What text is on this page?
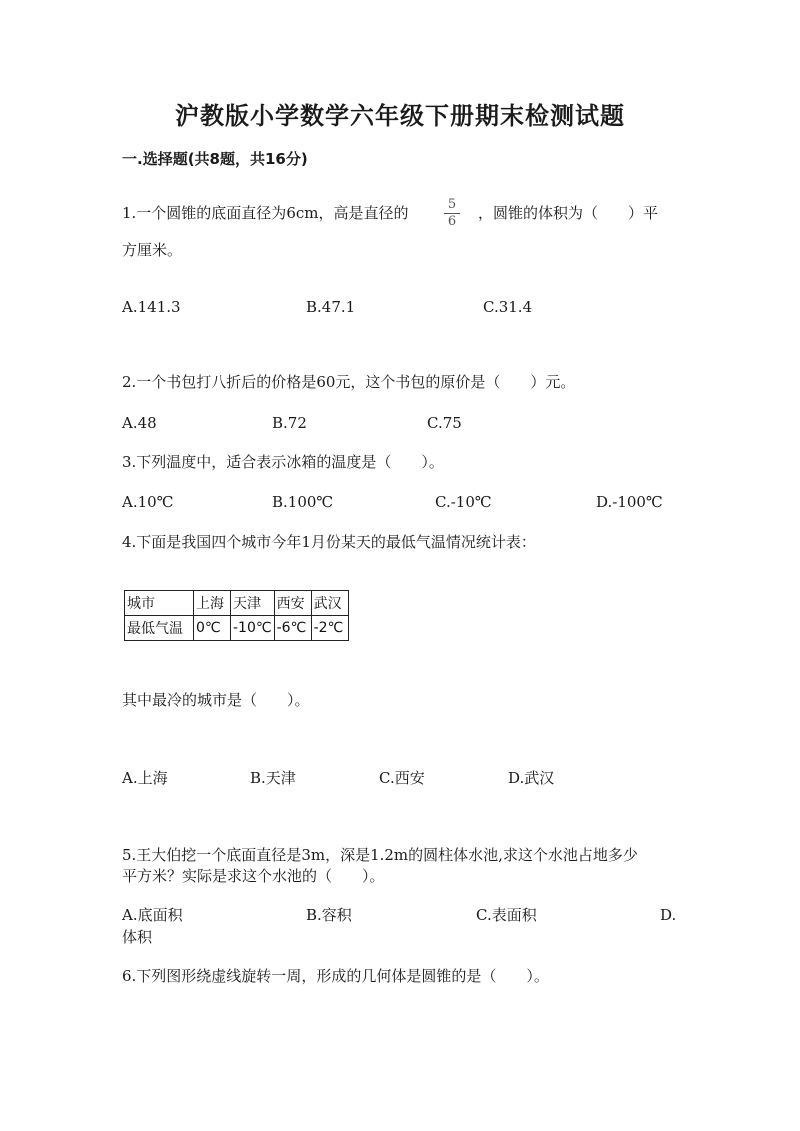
沪教版小学数学六年级下册期末检测试题
一.选择题(共8题，共16分)
1.一个圆锥的底面直径为6cm，高是直径的	5
6 ，圆锥的体积为（　　）平
方厘米。
A.141.3	B.47.1	C.31.4
2.一个书包打八折后的价格是60元，这个书包的原价是（　　）元。
A.48	B.72	C.75
3.下列温度中，适合表示冰箱的温度是（　　）。
A.10℃	B.100℃	C.-10℃	D.-100℃
4.下面是我国四个城市今年1月份某天的最低气温情况统计表：
城市	上海	天津	西安	武汉
最低气温	0℃	-10℃	-6℃	-2℃
其中最冷的城市是（　　）。
A.上海	B.天津	C.西安	D.武汉
5.王大伯挖一个底面直径是3m，深是1.2m的圆柱体水池,求这个水池占地多少
平方米？实际是求这个水池的（　　）。
A.底面积	B.容积	C.表面积	D.
体积
6.下列图形绕虚线旋转一周，形成的几何体是圆锥的是（　　）。
